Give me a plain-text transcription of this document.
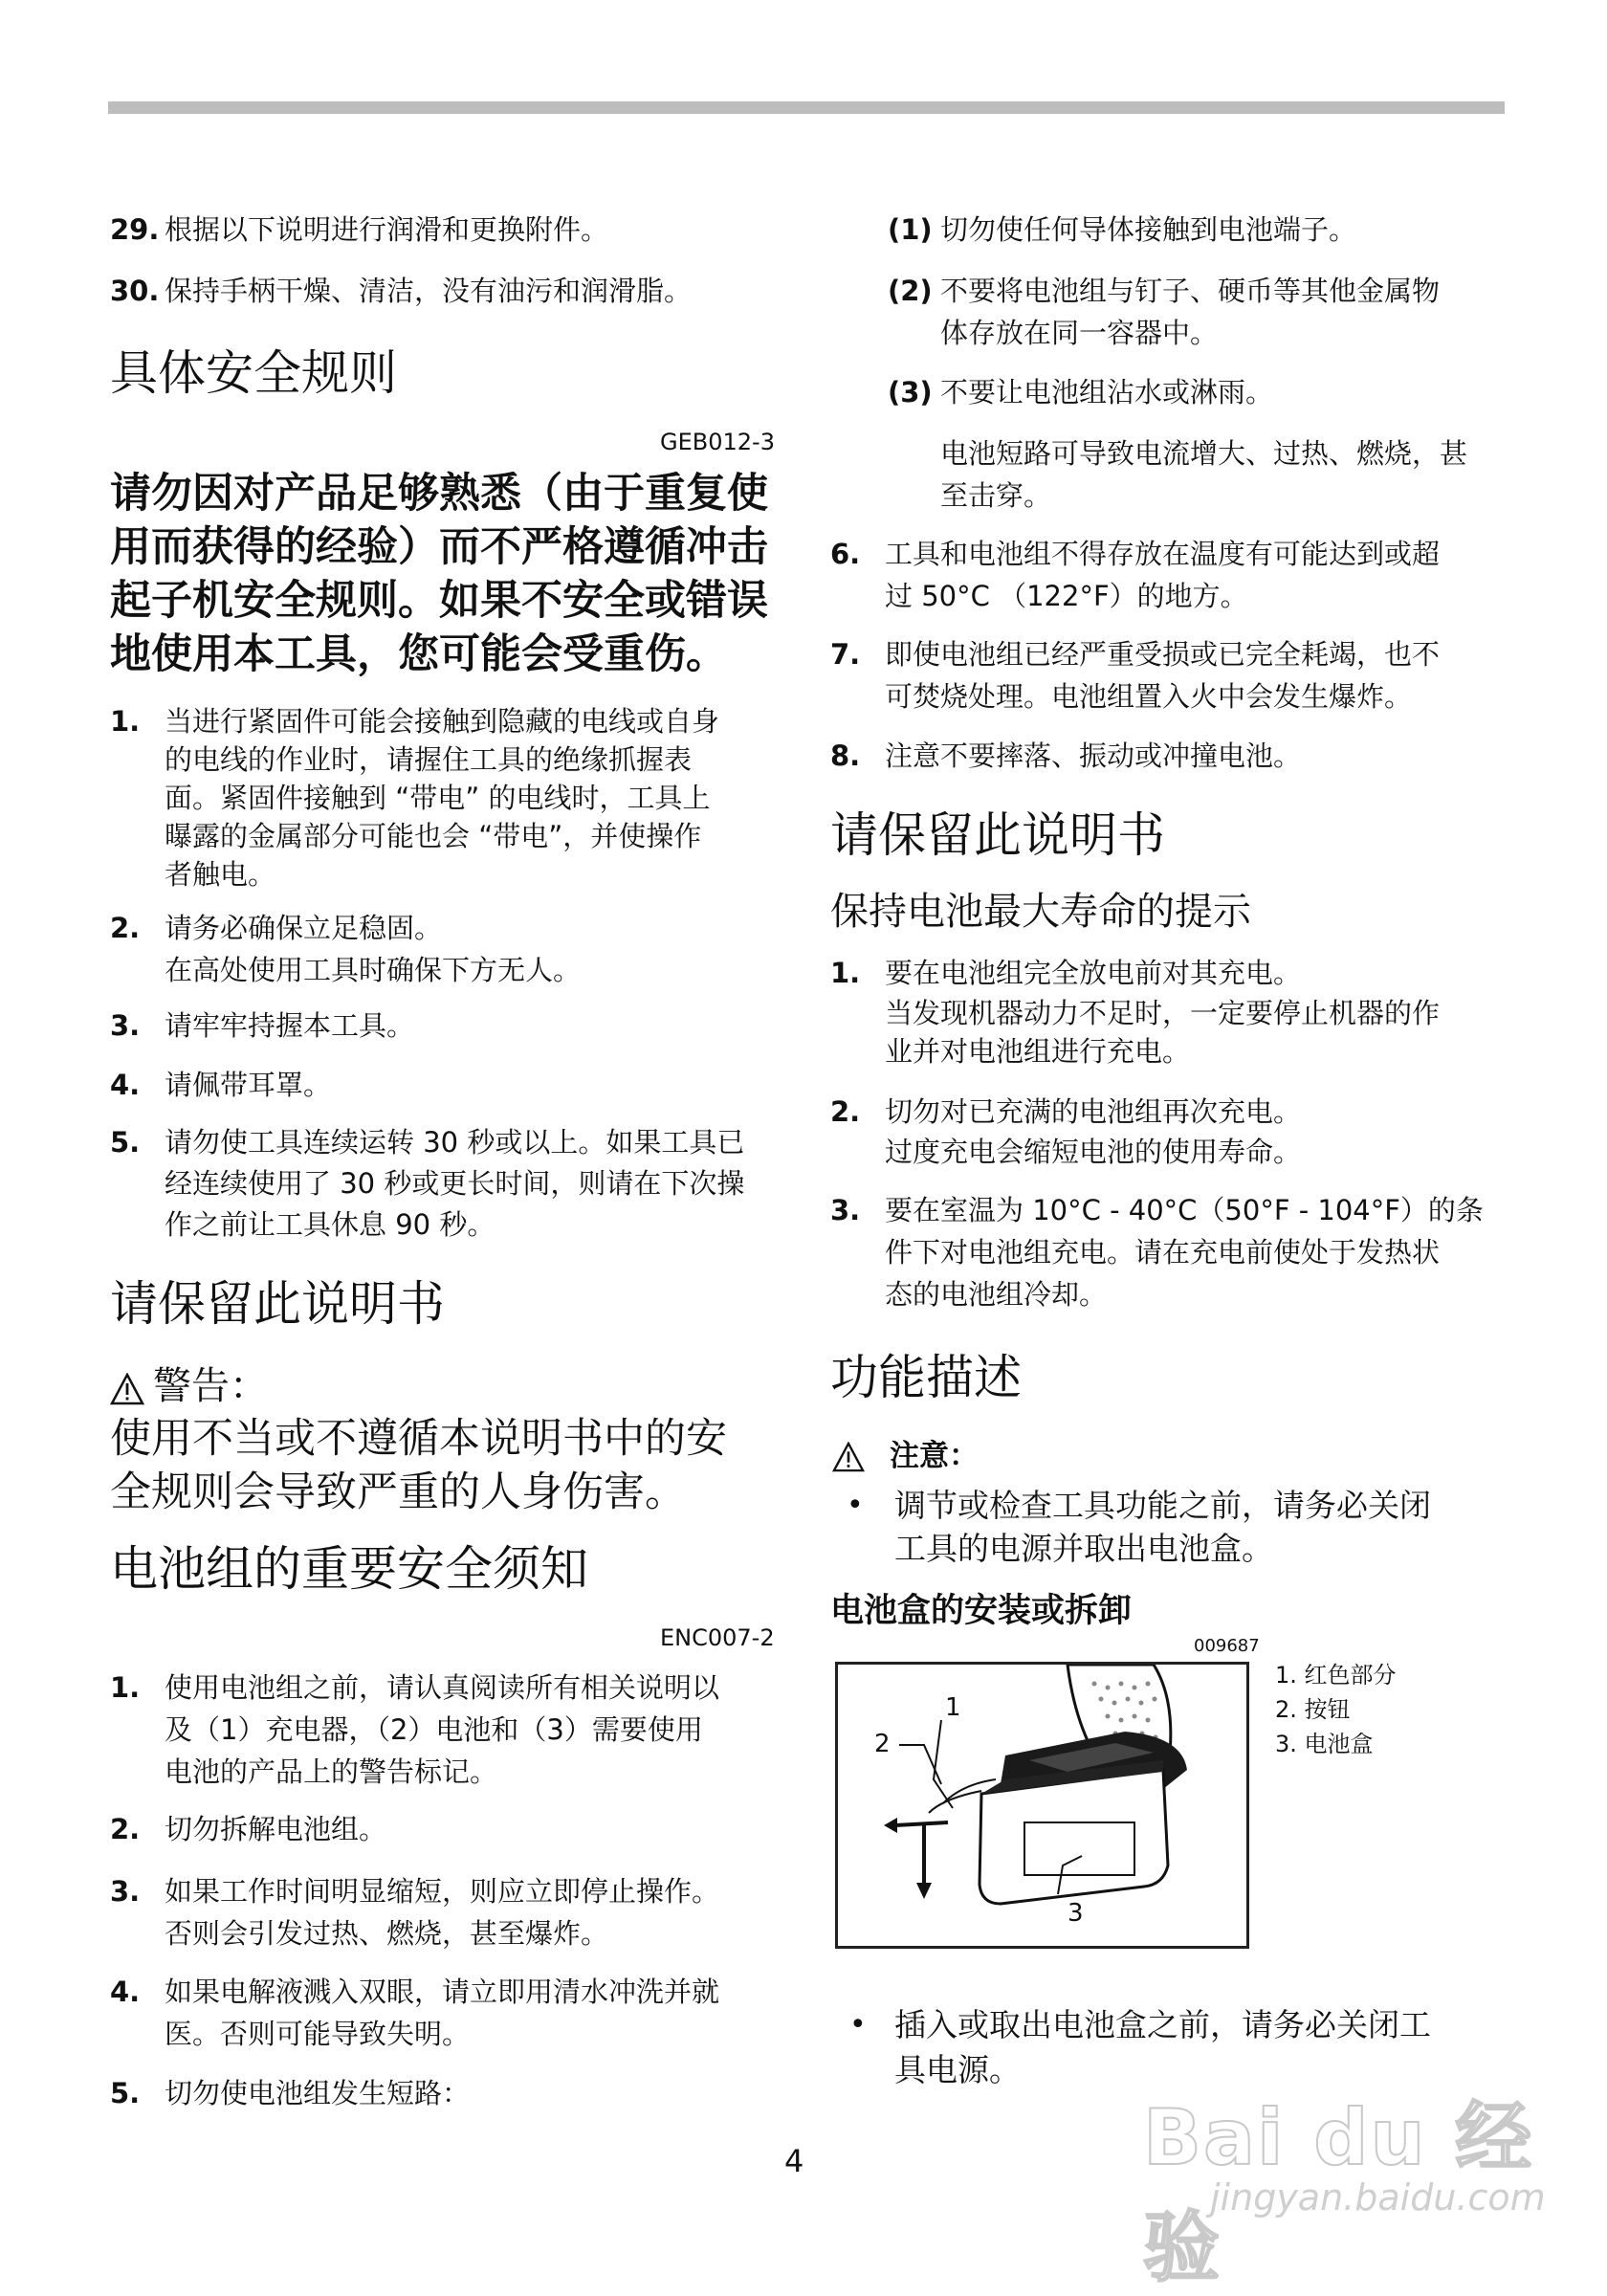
29. 根据以下说明进行润滑和更换附件。
30. 保持手柄干燥、清洁，没有油污和润滑脂。
具体安全规则
GEB012-3
请勿因对产品足够熟悉（由于重复使
用而获得的经验）而不严格遵循冲击
起子机安全规则。如果不安全或错误
地使用本工具，您可能会受重伤。
1. 当进行紧固件可能会接触到隐藏的电线或自身
的电线的作业时，请握住工具的绝缘抓握表
面。紧固件接触到 “带电” 的电线时，工具上
曝露的金属部分可能也会 “带电”，并使操作
者触电。
2. 请务必确保立足稳固。
在高处使用工具时确保下方无人。
3. 请牢牢持握本工具。
4. 请佩带耳罩。
5. 请勿使工具连续运转 30 秒或以上。如果工具已
经连续使用了 30 秒或更长时间，则请在下次操
作之前让工具休息 90 秒。
请保留此说明书
警告：
使用不当或不遵循本说明书中的安
全规则会导致严重的人身伤害。
电池组的重要安全须知
ENC007-2
1. 使用电池组之前，请认真阅读所有相关说明以
及（1）充电器，（2）电池和（3）需要使用
电池的产品上的警告标记。
2. 切勿拆解电池组。
3. 如果工作时间明显缩短，则应立即停止操作。
否则会引发过热、燃烧，甚至爆炸。
4. 如果电解液溅入双眼，请立即用清水冲洗并就
医。否则可能导致失明。
5. 切勿使电池组发生短路：
(1) 切勿使任何导体接触到电池端子。
(2) 不要将电池组与钉子、硬币等其他金属物
体存放在同一容器中。
(3) 不要让电池组沾水或淋雨。
电池短路可导致电流增大、过热、燃烧，甚
至击穿。
6. 工具和电池组不得存放在温度有可能达到或超
过 50°C （122°F）的地方。
7. 即使电池组已经严重受损或已完全耗竭，也不
可焚烧处理。电池组置入火中会发生爆炸。
8. 注意不要摔落、振动或冲撞电池。
请保留此说明书
保持电池最大寿命的提示
1. 要在电池组完全放电前对其充电。
当发现机器动力不足时，一定要停止机器的作
业并对电池组进行充电。
2. 切勿对已充满的电池组再次充电。
过度充电会缩短电池的使用寿命。
3. 要在室温为 10°C - 40°C（50°F - 104°F）的条
件下对电池组充电。请在充电前使处于发热状
态的电池组冷却。
功能描述
注意：
• 调节或检查工具功能之前，请务必关闭
工具的电源并取出电池盒。
电池盒的安装或拆卸
009687
1
2
3
1. 红色部分
2. 按钮
3. 电池盒
• 插入或取出电池盒之前，请务必关闭工
具电源。
4	Bai du 经验
jingyan.baidu.com
